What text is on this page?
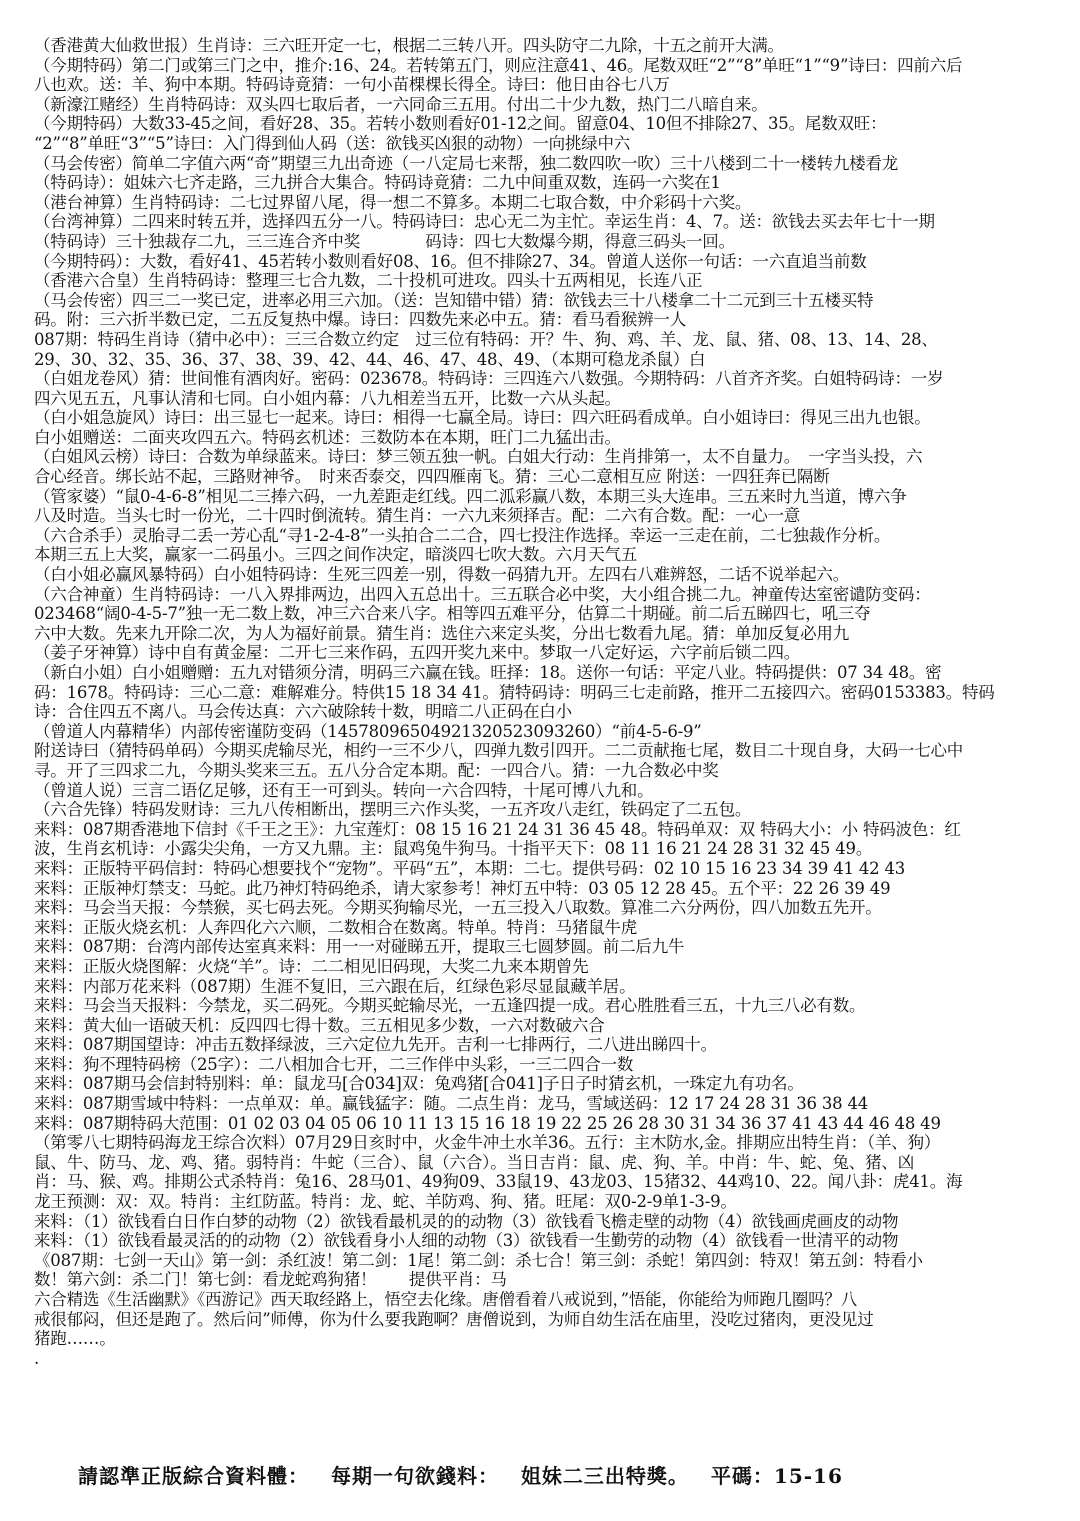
（香港黄大仙救世报）生肖诗：三六旺开定一七，根据二三转八开。四头防守二九除，十五之前开大满。
（今期特码）第二门或第三门之中，推介:16、24。若转第五门，则应注意41、46。尾数双旺“2”“8”单旺“1”“9”诗曰：四前六后
八也欢。送：羊、狗中本期。特码诗竟猜：一句小苗棵棵长得全。诗曰：他日由谷七八万
（新濠江赌经）生肖特码诗：双头四七取后者，一六同命三五用。付出二十少九数，热门二八暗自来。
（今期特码）大数33-45之间，看好28、35。若转小数则看好01-12之间。留意04、10但不排除27、35。尾数双旺：
“2”“8”单旺“3”“5”诗曰：入门得到仙人码（送：欲钱买凶狠的动物）一向挑绿中六
（马会传密）简单二字值六两“奇”期望三九出奇迹（一八定局七来帮，独二数四吹一吹）三十八楼到二十一楼转九楼看龙
（特码诗）：姐妹六七齐走路，三九拼合大集合。特码诗竟猜：二九中间重双数，连码一六奖在1
（港台神算）生肖特码诗：二七过界留八尾，得一想二不算多。本期二七取合数，中介彩码十六奖。
（台湾神算）二四来时转五并，选择四五分一八。特码诗曰：忠心无二为主忙。幸运生肖：4、7。送：欲钱去买去年七十一期
（特码诗）三十独裁存二九，三三连合齐中奖　　　　码诗：四七大数爆今期，得意三码头一回。
（今期特码）：大数，看好41、45若转小数则看好08、16。但不排除27、34。曾道人送你一句话：一六直追当前数
（香港六合皇）生肖特码诗：整理三七合九数，二十投机可进攻。四头十五两相见，长连八正
（马会传密）四三二一奖已定，进率必用三六加。（送：岂知错中错）猜：欲钱去三十八楼拿二十二元到三十五楼买特
码。附：三六折半数已定，二五反复热中爆。诗曰：四数先来必中五。猜：看马看猴辨一人
087期：特码生肖诗（猜中必中）：三三合数立约定　过三位有特码：开？牛、狗、鸡、羊、龙、鼠、猪、08、13、14、28、
29、30、32、35、36、37、38、39、42、44、46、47、48、49、（本期可稳龙杀鼠）白
（白姐龙卷风）猜：世间惟有酒肉好。密码：023678。特码诗：三四连六八数强。今期特码：八首齐齐奖。白姐特码诗：一岁
四六见五五，凡事认清和七同。白小姐内幕：八九相差当五开，比数一六从头起。
（白小姐急旋风）诗曰：出三显七一起来。诗曰：相得一七赢全局。诗曰：四六旺码看成单。白小姐诗曰：得见三出九也银。
白小姐赠送：二面夹攻四五六。特码玄机述：三数防本在本期，旺门二九猛出击。
（白姐风云榜）诗曰：合数为单绿蓝来。诗曰：梦三领五独一帆。白姐大行动：生肖排第一，太不自量力。　一字当头投，六
合心经音。绑长站不起，三路财神爷。　时来否泰交，四四雁南飞。猜：三心二意相互应 附送：一四狂奔已隔断
（管家婆）“鼠0-4-6-8”相见二三捧六码，一九差距走红线。四二泒彩赢八数，本期三头大连串。三五来时九当道，博六争
八及时造。当头七时一份光，二十四时倒流转。猜生肖：一六九来须择吉。配：二六有合数。配：一心一意
（六合杀手）灵胎寻二丢一芳心乱“寻1-2-4-8”一头拍合二二合，四七投注作选择。幸运一三走在前，二七独裁作分析。
本期三五上大奖，赢家一二码虽小。三四之间作决定，暗淡四七吹大数。六月天气五
（白小姐必赢风暴特码）白小姐特码诗：生死三四差一别，得数一码猜九开。左四右八难辨怒，二话不说举起六。
（六合神童）生肖特码诗：一八入界排两边，出四入五总出十。三五联合必中奖，大小组合挑二九。神童传达室密谴防变码：
023468“阔0-4-5-7”独一无二数上数，冲三六合来八字。相等四五难平分，估算二十期碰。前二后五睇四七，吼三夺
六中大数。先来九开除二次，为人为福好前景。猜生肖：选住六来定头奖，分出七数看九尾。猜：单加反复必用九
（姜子牙神算）诗中自有黄金屋：二开七三来作码，五四开奖九来中。梦取一八定好运，六字前后锁二四。
（新白小姐）白小姐赠赠：五九对错须分清，明码三六赢在钱。旺择：18。送你一句话：平定八业。特码提供：07 34 48。密
码：1678。特码诗：三心二意：难解难分。特供15 18 34 41。猜特码诗：明码三七走前路，推开二五接四六。密码0153383。特码
诗：合住四五不离八。马会传达真：六六破除转十数，明暗二八正码在白小
（曾道人内幕精华）内部传密谨防变码（14578096504921320523093260）“前4-5-6-9”
附送诗曰（猜特码单码）今期买虎输尽光，相约一三不少八，四弹九数引四开。二二贡献拖七尾，数目二十现自身，大码一七心中
寻。开了三四求二九，今期头奖来三五。五八分合定本期。配：一四合八。猜：一九合数必中奖
（曾道人说）三言二语亿足够，还有王一可到头。转向一六合四特，十尾可博八九和。
（六合先锋）特码发财诗：三九八传相断出，摆明三六作头奖，一五齐攻八走红，铁码定了二五包。
来料：087期香港地下信封《千王之王》：九宝莲灯：08 15 16 21 24 31 36 45 48。特码单双：双 特码大小：小 特码波色：红
波，生肖玄机诗：小露尖尖角，一方又九鼎。主：鼠鸡兔牛狗马。十指平天下：08 11 16 21 24 28 31 32 45 49。
来料：正版特平码信封：特码心想要找个“宠物”。平码“五”，本期：二七。提供号码：02 10 15 16 23 34 39 41 42 43
来料：正版神灯禁支：马蛇。此乃神灯特码绝杀，请大家参考！神灯五中特：03 05 12 28 45。五个平：22 26 39 49
来料：马会当天报：今禁猴，买七码去死。今期买狗输尽光，一五三投入八取数。算准二六分两份，四八加数五先开。
来料：正版火烧玄机：人奔四化六六顺，二数相合在数离。特单。特肖：马猪鼠牛虎
来料：087期：台湾内部传达室真来料：用一一对碰睇五开，提取三七圆梦圆。前二后九牛
来料：正版火烧图解：火烧“羊”。诗：二二相见旧码现，大奖二九来本期曾先
来料：内部万花来料（087期）生涯不复旧，三六跟在后，红绿色彩尽显鼠藏羊居。
来料：马会当天报料：今禁龙，买二码死。今期买蛇输尽光，一五逢四提一成。君心胜胜看三五，十九三八必有数。
来料：黄大仙一语破天机：反四四七得十数。三五相见多少数，一六对数破六合
来料：087期国望诗：冲击五数择绿波，三六定位九先开。吉利一七排两行，二八进出睇四十。
来料：狗不理特码榜（25字）：二八相加合七开，二三作伴中头彩，一三二四合一数
来料：087期马会信封特别料：单：鼠龙马[合034]双：兔鸡猪[合041]子日子时猜玄机，一珠定九有功名。
来料：087期雪域中特料：一点单双：单。赢钱猛字：随。二点生肖：龙马，雪域送码：12 17 24 28 31 36 38 44
来料：087期特码大范围：01 02 03 04 05 06 10 11 13 15 16 18 19 22 25 26 28 30 31 34 36 37 41 43 44 46 48 49
（第零八七期特码海龙王综合次料）07月29日亥时中，火金牛冲土水羊36。五行：主木防水,金。排期应出特生肖：（羊、狗）
鼠、牛、防马、龙、鸡、猪。弱特肖：牛蛇（三合）、鼠（六合）。当日吉肖：鼠、虎、狗、羊。中肖：牛、蛇、兔、猪、凶
肖：马、猴、鸡。排期公式杀特肖：兔16、28马01、49狗09、33鼠19、43龙03、15猪32、44鸡10、22。闻八卦：虎41。海
龙王预测：双：双。特肖：主红防蓝。特肖：龙、蛇、羊防鸡、狗、猪。旺尾：双0-2-9单1-3-9。
来料：（1）欲钱看白日作白梦的动物（2）欲钱看最机灵的的动物（3）欲钱看飞檐走壁的动物（4）欲钱画虎画皮的动物
来料：（1）欲钱看最灵活的的动物（2）欲钱看身小人细的动物（3）欲钱看一生勤劳的动物（4）欲钱看一世清平的动物
《087期：七剑一天山》第一剑：杀红波！第二剑：1尾！第二剑：杀七合！第三剑：杀蛇！第四剑：特双！第五剑：特看小
数！第六剑：杀二门！第七剑：看龙蛇鸡狗猪！　　提供平肖：马
六合精选《生活幽默》《西游记》西天取经路上，悟空去化缘。唐僧看着八戒说到，”悟能，你能给为师跑几圈吗？八
戒很郁闷，但还是跑了。然后问”师傅，你为什么要我跑啊？唐僧说到，为师自幼生活在庙里，没吃过猪肉，更没见过
猪跑……。
.
請認準正版綜合資料體： 每期一句欲錢料： 姐妹二三出特獎。 平碼：15-16
